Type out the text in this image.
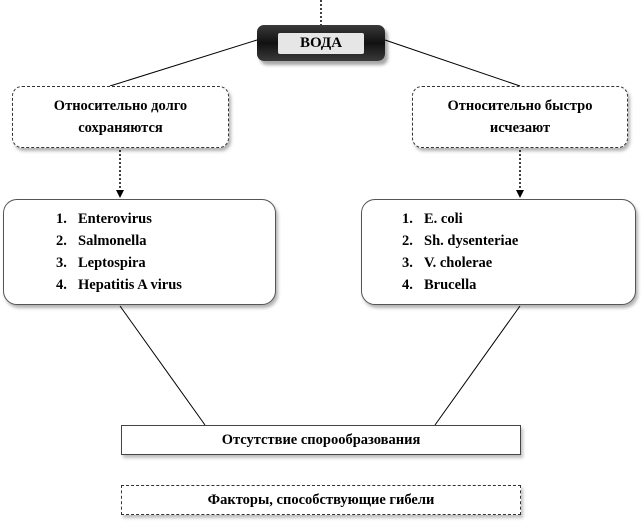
ВОДА
Относительно долго
сохраняются
Относительно быстро
исчезают
1. Enterovirus
2. Salmonella
3. Leptospira
4. Hepatitis A virus
1. E. coli
2. Sh. dysenteriae
3. V. cholerae
4. Brucella
Отсутствие спорообразования
Факторы, способствующие гибели
